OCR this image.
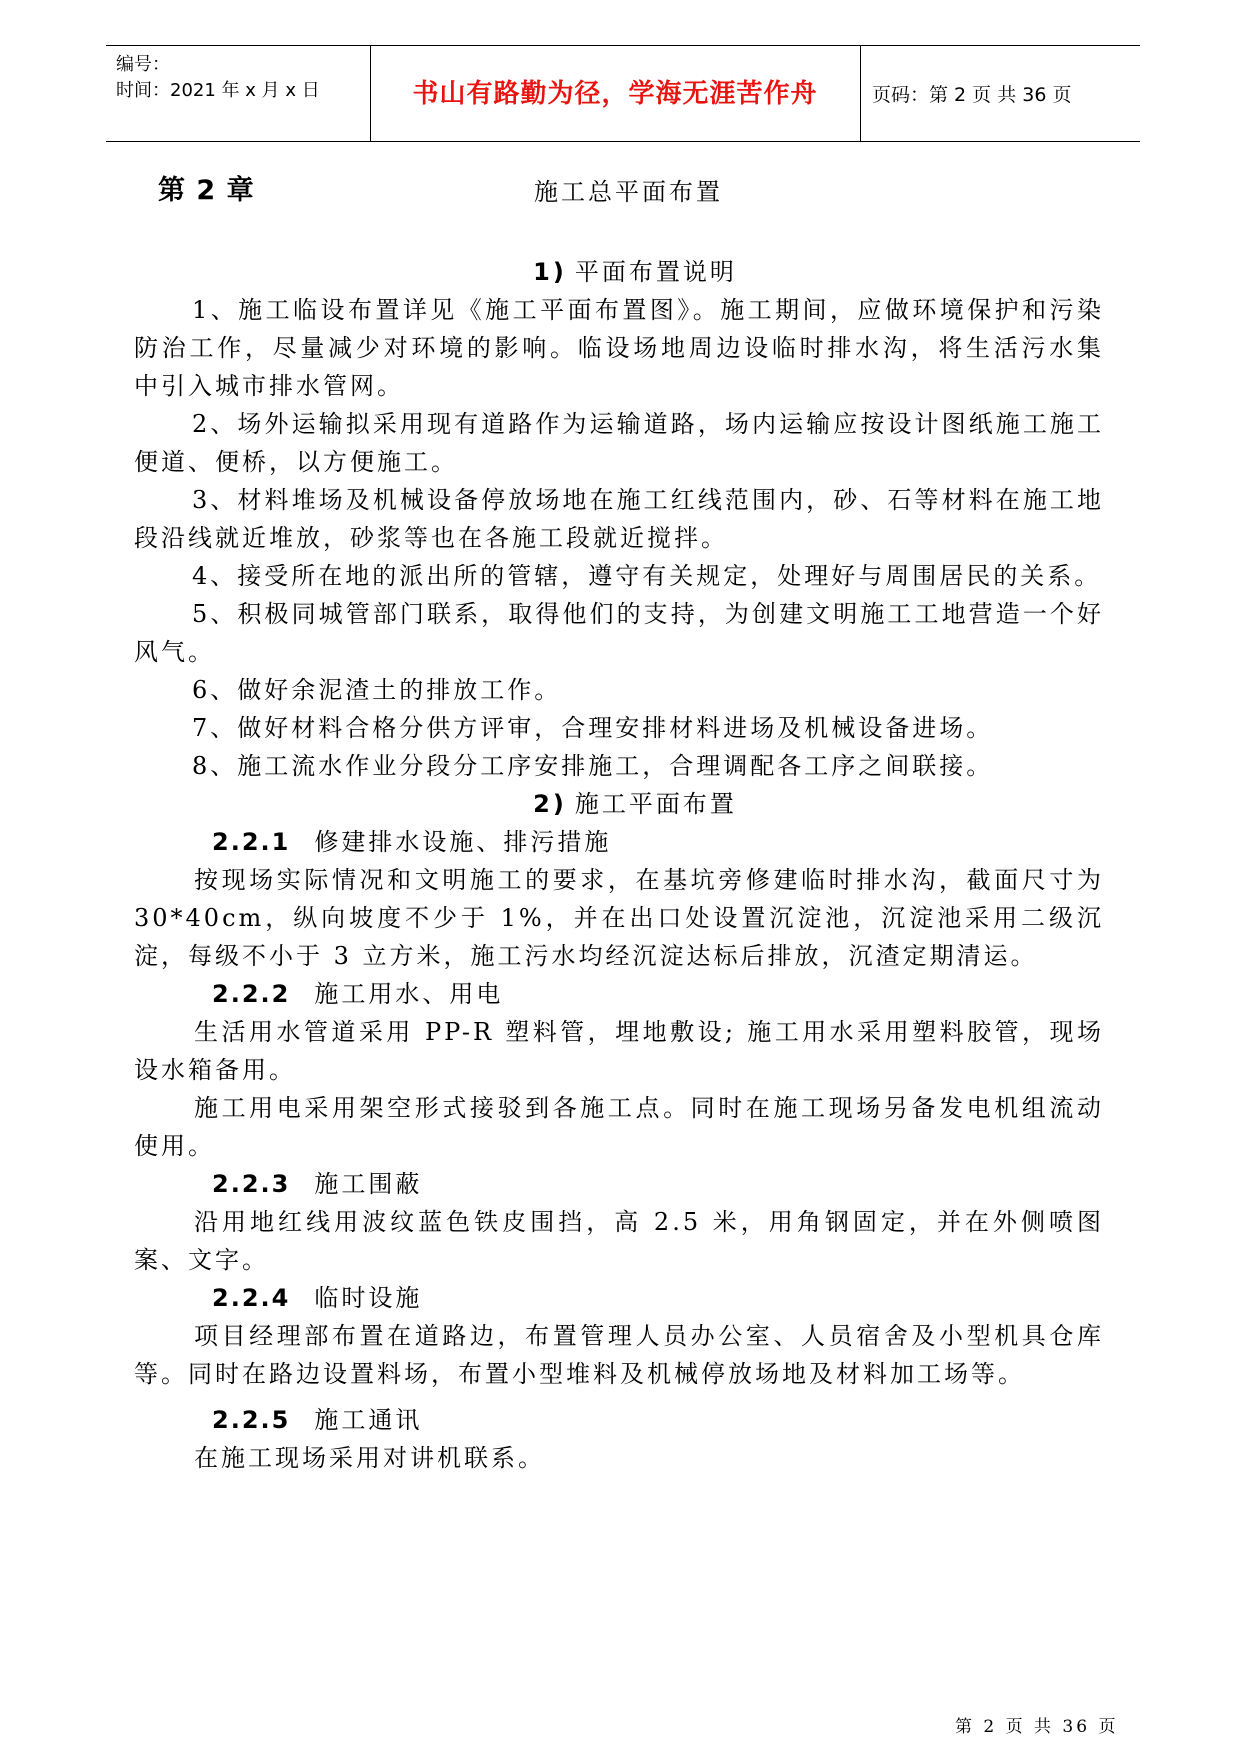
编号：
时间：2021 年 x 月 x 日	书山有路勤为径，学海无涯苦作舟	页码：第 2 页 共 36 页
第 2 章	施工总平面布置

1) 平面布置说明

1、施工临设布置详见《施工平面布置图》。施工期间，应做环境保护和污染防治工作，尽量减少对环境的影响。临设场地周边设临时排水沟，将生活污水集中引入城市排水管网。

2、场外运输拟采用现有道路作为运输道路，场内运输应按设计图纸施工施工便道、便桥，以方便施工。

3、材料堆场及机械设备停放场地在施工红线范围内，砂、石等材料在施工地段沿线就近堆放，砂浆等也在各施工段就近搅拌。

4、接受所在地的派出所的管辖，遵守有关规定，处理好与周围居民的关系。

5、积极同城管部门联系，取得他们的支持，为创建文明施工工地营造一个好风气。

6、做好余泥渣土的排放工作。

7、做好材料合格分供方评审，合理安排材料进场及机械设备进场。

8、施工流水作业分段分工序安排施工，合理调配各工序之间联接。

2) 施工平面布置

2.2.1 修建排水设施、排污措施

按现场实际情况和文明施工的要求，在基坑旁修建临时排水沟，截面尺寸为 30*40cm，纵向坡度不少于 1%，并在出口处设置沉淀池，沉淀池采用二级沉淀，每级不小于 3 立方米，施工污水均经沉淀达标后排放，沉渣定期清运。

2.2.2 施工用水、用电

生活用水管道采用 PP-R 塑料管，埋地敷设; 施工用水采用塑料胶管，现场设水箱备用。

施工用电采用架空形式接驳到各施工点。同时在施工现场另备发电机组流动使用。

2.2.3 施工围蔽

沿用地红线用波纹蓝色铁皮围挡，高 2.5 米，用角钢固定，并在外侧喷图案、文字。

2.2.4 临时设施

项目经理部布置在道路边，布置管理人员办公室、人员宿舍及小型机具仓库等。同时在路边设置料场，布置小型堆料及机械停放场地及材料加工场等。

2.2.5 施工通讯

在施工现场采用对讲机联系。

第 2 页 共 36 页
